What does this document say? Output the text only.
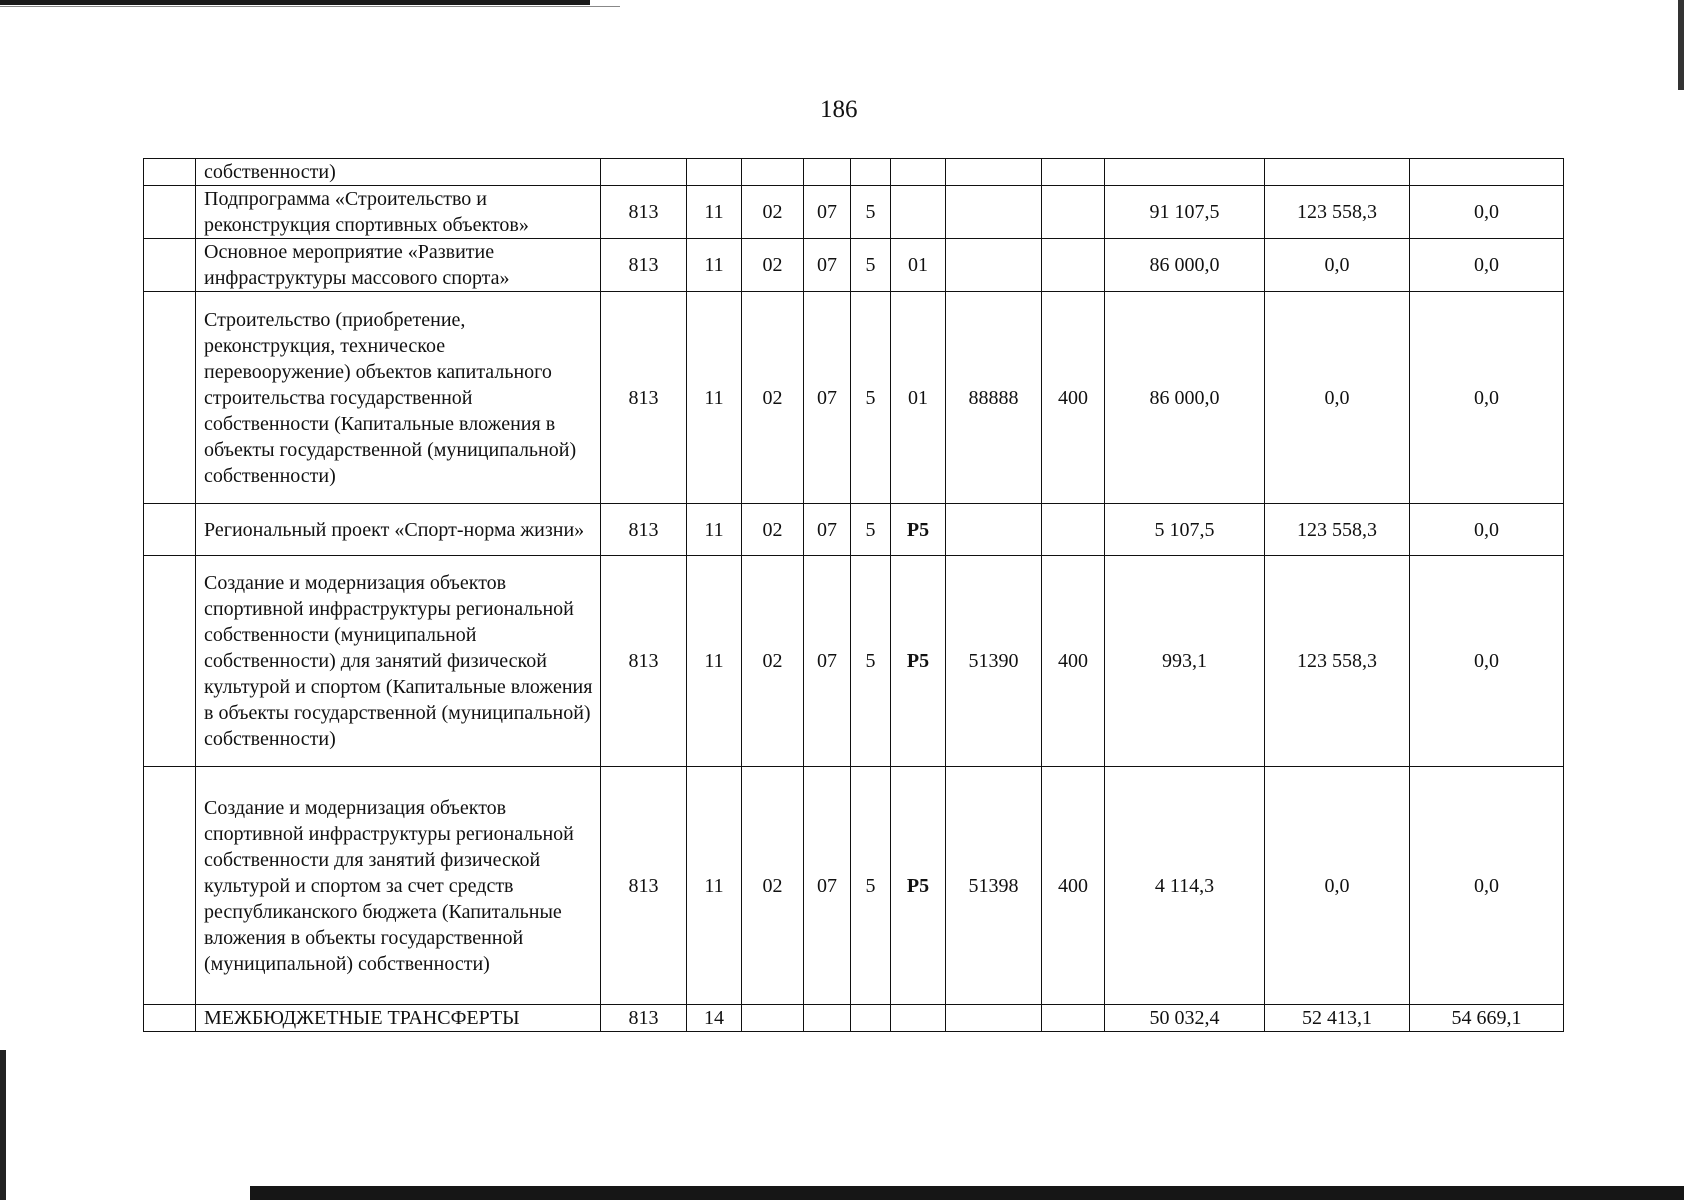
186
	собственности)											
	Подпрограмма «Строительство и реконструкция спортивных объектов»	813	11	02	07	5				91 107,5	123 558,3	0,0
	Основное мероприятие «Развитие инфраструктуры массового спорта»	813	11	02	07	5	01			86 000,0	0,0	0,0
	Строительство (приобретение, реконструкция, техническое перевооружение) объектов капитального строительства государственной собственности (Капитальные вложения в объекты государственной (муниципальной) собственности)	813	11	02	07	5	01	88888	400	86 000,0	0,0	0,0
	Региональный проект «Спорт-норма жизни»	813	11	02	07	5	P5			5 107,5	123 558,3	0,0
	Создание и модернизация объектов спортивной инфраструктуры региональной собственности (муниципальной собственности) для занятий физической культурой и спортом (Капитальные вложения в объекты государственной (муниципальной) собственности)	813	11	02	07	5	P5	51390	400	993,1	123 558,3	0,0
	Создание и модернизация объектов спортивной инфраструктуры региональной собственности для занятий физической культурой и спортом за счет средств республиканского бюджета (Капитальные вложения в объекты государственной (муниципальной) собственности)	813	11	02	07	5	P5	51398	400	4 114,3	0,0	0,0
	МЕЖБЮДЖЕТНЫЕ ТРАНСФЕРТЫ	813	14							50 032,4	52 413,1	54 669,1
